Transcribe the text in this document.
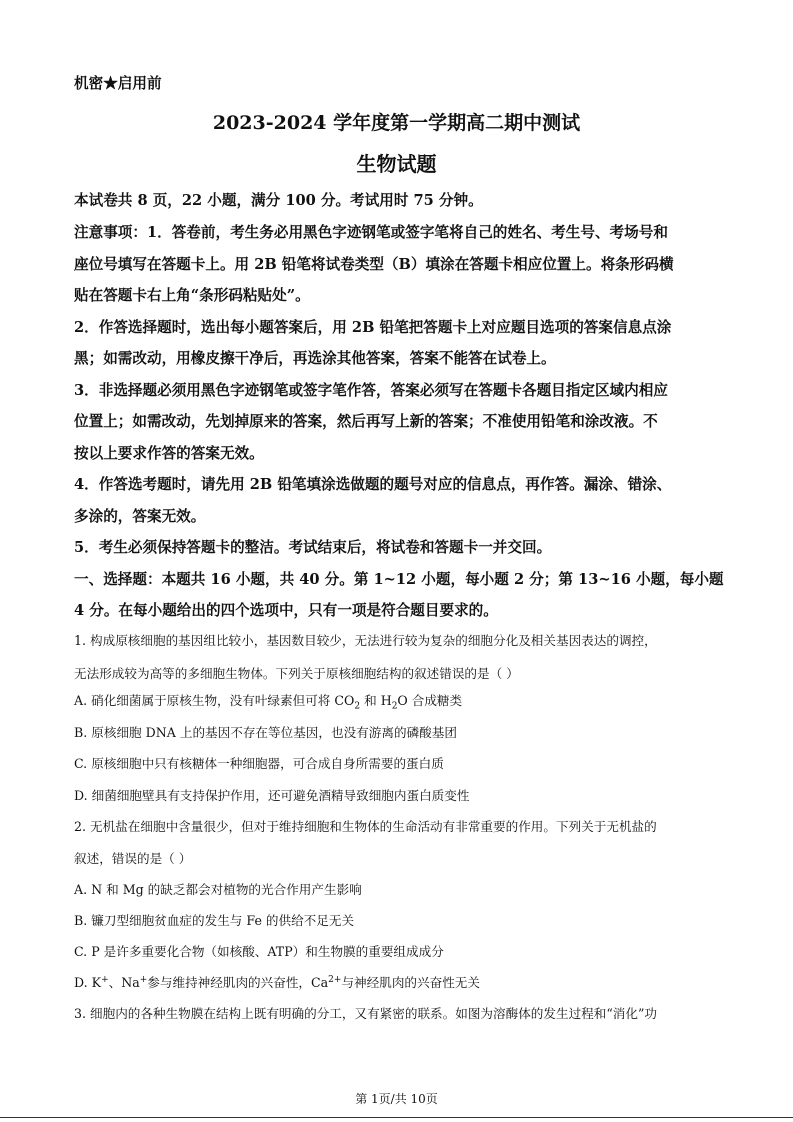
机密★启用前
2023-2024 学年度第一学期高二期中测试
生物试题
本试卷共 8 页，22 小题，满分 100 分。考试用时 75 分钟。
注意事项：1．答卷前，考生务必用黑色字迹钢笔或签字笔将自己的姓名、考生号、考场号和
座位号填写在答题卡上。用 2B 铅笔将试卷类型（B）填涂在答题卡相应位置上。将条形码横
贴在答题卡右上角“条形码粘贴处”。
2．作答选择题时，选出每小题答案后，用 2B 铅笔把答题卡上对应题目选项的答案信息点涂
黑；如需改动，用橡皮擦干净后，再选涂其他答案，答案不能答在试卷上。
3．非选择题必须用黑色字迹钢笔或签字笔作答，答案必须写在答题卡各题目指定区域内相应
位置上；如需改动，先划掉原来的答案，然后再写上新的答案；不准使用铅笔和涂改液。不
按以上要求作答的答案无效。
4．作答选考题时，请先用 2B 铅笔填涂选做题的题号对应的信息点，再作答。漏涂、错涂、
多涂的，答案无效。
5．考生必须保持答题卡的整洁。考试结束后，将试卷和答题卡一并交回。
一、选择题：本题共 16 小题，共 40 分。第 1~12 小题，每小题 2 分；第 13~16 小题，每小题
4 分。在每小题给出的四个选项中，只有一项是符合题目要求的。
1. 构成原核细胞的基因组比较小，基因数目较少，无法进行较为复杂的细胞分化及相关基因表达的调控，
无法形成较为高等的多细胞生物体。下列关于原核细胞结构的叙述错误的是（ ）
A. 硝化细菌属于原核生物，没有叶绿素但可将 $CO_2$ 和 $H_2O$ 合成糖类
B. 原核细胞 DNA 上的基因不存在等位基因，也没有游离的磷酸基团
C. 原核细胞中只有核糖体一种细胞器，可合成自身所需要的蛋白质
D. 细菌细胞壁具有支持保护作用，还可避免酒精导致细胞内蛋白质变性
2. 无机盐在细胞中含量很少，但对于维持细胞和生物体的生命活动有非常重要的作用。下列关于无机盐的
叙述，错误的是（ ）
A. N 和 Mg 的缺乏都会对植物的光合作用产生影响
B. 镰刀型细胞贫血症的发生与 Fe 的供给不足无关
C. P 是许多重要化合物（如核酸、ATP）和生物膜的重要组成成分
D. K+、Na+参与维持神经肌肉的兴奋性，$Ca^{2+}$与神经肌肉的兴奋性无关
3. 细胞内的各种生物膜在结构上既有明确的分工，又有紧密的联系。如图为溶酶体的发生过程和“消化”功
第 1页/共 10页
